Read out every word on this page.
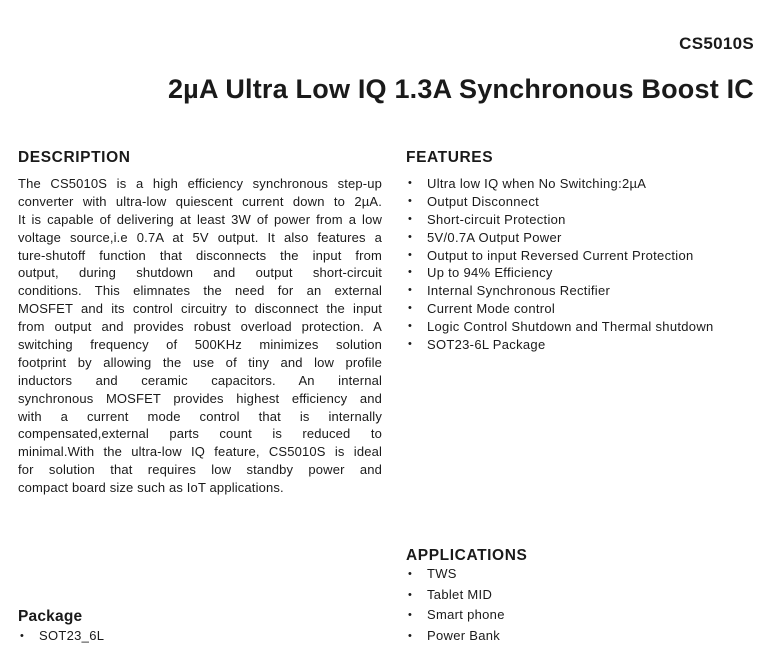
CS5010S
2µA Ultra Low IQ 1.3A Synchronous Boost IC
DESCRIPTION
The CS5010S is a high efficiency synchronous step-up
converter with ultra-low quiescent current down to 2µA.
It is capable of delivering at least 3W of power from a low
voltage source,i.e 0.7A at 5V output. It also features a
ture-shutoff function that disconnects the input from
output, during shutdown and output short-circuit
conditions. This elimnates the need for an external
MOSFET and its control circuitry to disconnect the input
from output and provides robust overload protection. A
switching frequency of 500KHz minimizes solution
footprint by allowing the use of tiny and low profile
inductors and ceramic capacitors. An internal
synchronous MOSFET provides highest efficiency and
with a current mode control that is internally
compensated,external parts count is reduced to
minimal.With the ultra-low IQ feature, CS5010S is ideal
for solution that requires low standby power and
compact board size such as IoT applications.
FEATURES
• Ultra low IQ when No Switching:2µA
• Output Disconnect
• Short-circuit Protection
• 5V/0.7A Output Power
• Output to input Reversed Current Protection
• Up to 94% Efficiency
• Internal Synchronous Rectifier
• Current Mode control
• Logic Control Shutdown and Thermal shutdown
• SOT23-6L Package
APPLICATIONS
• TWS
• Tablet MID
• Smart phone
• Power Bank
Package
• SOT23_6L
